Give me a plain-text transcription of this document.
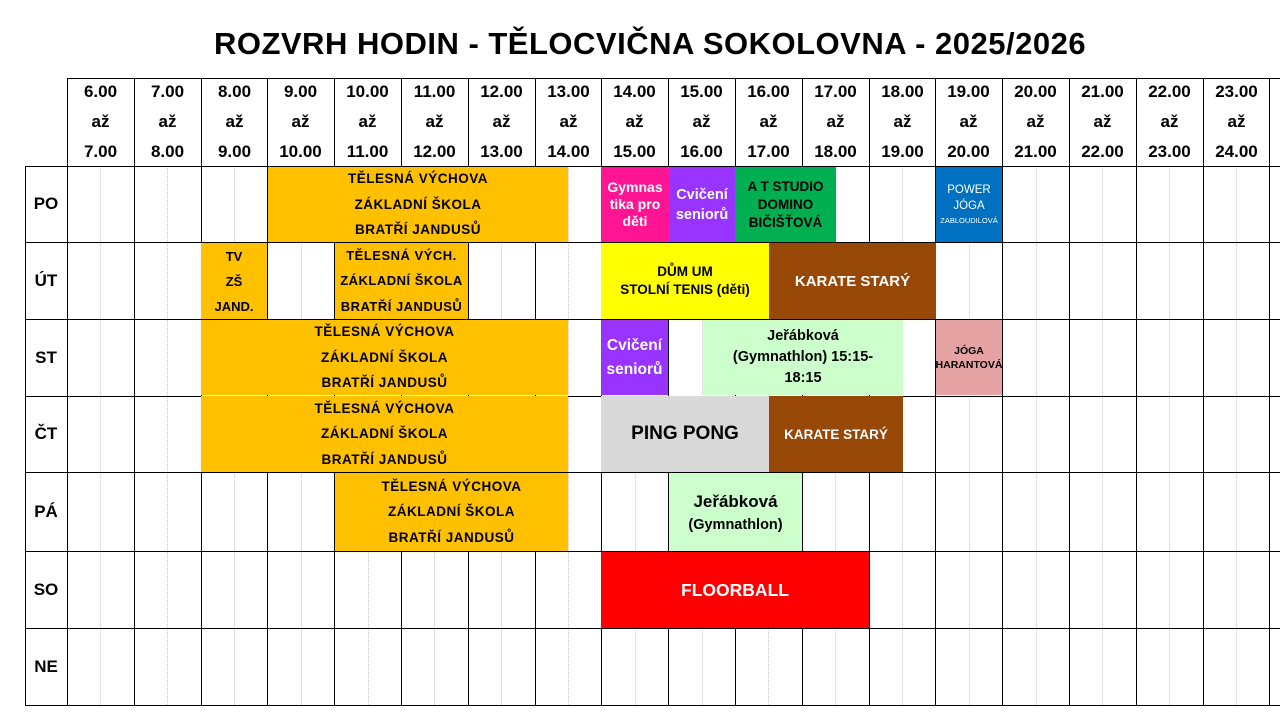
ROZVRH HODIN - TĚLOCVIČNA SOKOLOVNA - 2025/2026
6.00
až
7.00
7.00
až
8.00
8.00
až
9.00
9.00
až
10.00
10.00
až
11.00
11.00
až
12.00
12.00
až
13.00
13.00
až
14.00
14.00
až
15.00
15.00
až
16.00
16.00
až
17.00
17.00
až
18.00
18.00
až
19.00
19.00
až
20.00
20.00
až
21.00
21.00
až
22.00
22.00
až
23.00
23.00
až
24.00
PO
ÚT
ST
ČT
PÁ
SO
NE
TĚLESNÁ VÝCHOVA
ZÁKLADNÍ ŠKOLA
BRATŘÍ JANDUSŮ
Gymnas
tika pro
děti
Cvičení
seniorů
A T STUDIO
DOMINO
BIČIŠŤOVÁ
POWER
JÓGA
ZABLOUDILOVÁ
TV
ZŠ
JAND.
TĚLESNÁ VÝCH.
ZÁKLADNÍ ŠKOLA
BRATŘÍ JANDUSŮ
DŮM UM
STOLNÍ TENIS (děti)	KARATE STARÝ
TĚLESNÁ VÝCHOVA
ZÁKLADNÍ ŠKOLA
BRATŘÍ JANDUSŮ
Cvičení
seniorů
Jeřábková
(Gymnathlon) 15:15-
18:15
JÓGA
HARANTOVÁ
TĚLESNÁ VÝCHOVA
ZÁKLADNÍ ŠKOLA
BRATŘÍ JANDUSŮ
PING PONG	KARATE STARÝ
TĚLESNÁ VÝCHOVA
ZÁKLADNÍ ŠKOLA
BRATŘÍ JANDUSŮ
Jeřábková
(Gymnathlon)
FLOORBALL
